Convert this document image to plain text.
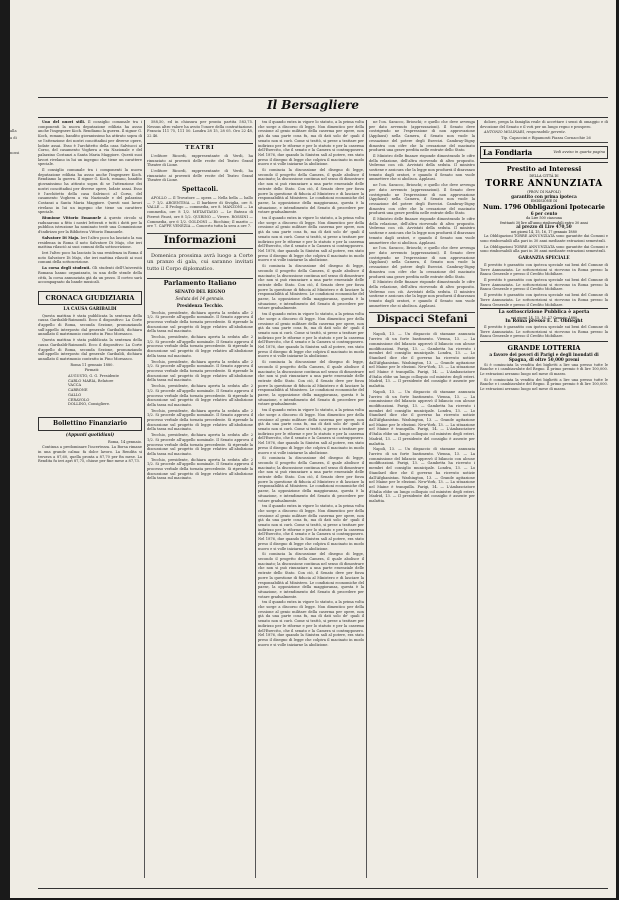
Il Bersagliere

alla
a di

nossi

Uno del nuovi stili. Il consiglio comunale tra i componenti la nuova deputazione edilizia ha assso anche l'ingegnere Koch. Rendiamo la guerra. Il signor G. Koch, romano, bandito giovanissimo ha attirato sopra di se l'attenzione dei nostri concittadini per diverse opere, lodate assai. Esso è l'architetto della casa Salviucci al Corso, del casamento Voghera a via Nazionale e del palazzino Costanzi a Santa Maria Maggiore. Questi suoi lavori rivelano in lui un ingegno che tiene un carattere speciale.

Il consiglio comunale tra i componenti la nuova deputazione edilizia ha assso anche l'ingegnere Koch. Rendiamo la guerra. Il signor G. Koch, romano, bandito giovanissimo ha attirato sopra di se l'attenzione dei nostri concittadini per diverse opere, lodate assai. Esso è l'architetto della casa Salviucci al Corso, del casamento Voghera a via Nazionale e del palazzino Costanzi a Santa Maria Maggiore. Questi suoi lavori rivelano in lui un ingegno che tiene un carattere speciale.

Riunione Vittorio Emanuele A questo circolo si radunarono a fitto i nostri letterati e tutti i dotti per la pubblica istruzione ha nominato testè una Commissione d'indirizzo per la Biblioteca Vittorio Emanuele.

Salvatore Di Majo. Ieri l'altro poco ha lasciato la sua residenza in Roma il noto Salvatore Di Majo, che ieri mattina rilasciò ai suoi comuni della sottoscrizione.

Ieri l'altro poco ha lasciato la sua residenza in Roma il noto Salvatore Di Majo, che ieri mattina rilasciò ai suoi comuni della sottoscrizione.

La corsa degli studenti. Gli studenti dell'Università Romana hanno organizzato, in una delle strade della città, la corsa annunziata già da un pezzo. Il corteo sarà accompagnato da bande musicali.

CRONACA GIUDIZIARIA
LA CAUSA GARIBALDI

Questa mattina è stata pubblicata la sentenza della causa Garibaldi-Raimondi. Ecco il dispositivo: La Corte d'appello di Roma, seconda Sezione, pronunziando sull'appello interposto dal generale Garibaldi, dichiara annullato il matrimonio contratto in Fino Mornasco.

Questa mattina è stata pubblicata la sentenza della causa Garibaldi-Raimondi. Ecco il dispositivo: La Corte d'appello di Roma, seconda Sezione, pronunziando sull'appello interposto dal generale Garibaldi, dichiara annullato il matrimonio contratto in Fino Mornasco.

Roma 11 gennaio 1880.

Firmati:

AUGUSTO, G. G. Presidente
CARLO MARIA, Relatore
VACCA
CARBONE
GALLO
CERAVOLO
DOLLINO, Consigliere.
Bollettino Finanziario
(Appunti quotidiani)

Roma, 14 gennaio.

Continua a predominare l'incertezza. La Borsa rimane in una grande calma: fa dolce lavoro. La Rendita si trovava a 87,60, quella pronta a 87,70 per fin mese. La Rendita fu ieri aprì 87,75, chiuse per fine mese a 87,73.

588,50, ed in chiusura per pronta partita 583,75. Nessun altro valore ha avuto l'onore della contrattazione. Francia 111 75, 111 50. Londra 28 15, 28 05. Oro 22 48, 22 46.

TEATRI

L'editore Ricordi, rappresentante di Verdi, ha rinunziato ai proventi delle recite del Teatro Grand Theatre di Lione.

L'editore Ricordi, rappresentante di Verdi, ha rinunziato ai proventi delle recite del Teatro Grand Theatre di Lione.

Spettacoli.

APOLLO — Il Trovatore — opera — Nella bella — ballo — 7 1/2. ARGENTINA — Il barbiere di Siviglia, ore 8. VALLE — Il Prologo — commedia, ore 8. MANZONI — La commedia, ore 8 1/2. METASTASIO — Le Bateau di Pierrot Faust, ore 8 1/2. QUIRINO — Vivere. ROSSINI — Commedia, ore 6 1/2. GOLDONI — Ricchino; Il marito — ore 7. CAFFÈ VENEZIA — Concerto tutta la sera a ore 7.

Informazioni

Domenica prossima avrà luogo a Corte un pranzo di gala, cui saranno invitati tutto il Corpo diplomatico.

Parlamento Italiano
SENATO DEL REGNO
Seduta del 14 gennaio.
Presidenza Tecchio.

Tecchio, presidente, dichiara aperta la seduta alle 2 1/2. Si procede all'appello nominale. Il Senato approva il processo verbale della tornata precedente. Si riprende la discussione sul progetto di legge relativo all'abolizione della tassa sul macinato.

Tecchio, presidente, dichiara aperta la seduta alle 2 1/2. Si procede all'appello nominale. Il Senato approva il processo verbale della tornata precedente. Si riprende la discussione sul progetto di legge relativo all'abolizione della tassa sul macinato.

Tecchio, presidente, dichiara aperta la seduta alle 2 1/2. Si procede all'appello nominale. Il Senato approva il processo verbale della tornata precedente. Si riprende la discussione sul progetto di legge relativo all'abolizione della tassa sul macinato.

Tecchio, presidente, dichiara aperta la seduta alle 2 1/2. Si procede all'appello nominale. Il Senato approva il processo verbale della tornata precedente. Si riprende la discussione sul progetto di legge relativo all'abolizione della tassa sul macinato.

Tecchio, presidente, dichiara aperta la seduta alle 2 1/2. Si procede all'appello nominale. Il Senato approva il processo verbale della tornata precedente. Si riprende la discussione sul progetto di legge relativo all'abolizione della tassa sul macinato.

Tecchio, presidente, dichiara aperta la seduta alle 2 1/2. Si procede all'appello nominale. Il Senato approva il processo verbale della tornata precedente. Si riprende la discussione sul progetto di legge relativo all'abolizione della tassa sul macinato.

Tecchio, presidente, dichiara aperta la seduta alle 2 1/2. Si procede all'appello nominale. Il Senato approva il processo verbale della tornata precedente. Si riprende la discussione sul progetto di legge relativo all'abolizione della tassa sul macinato.

tra il quando entra in vigore lo statuto, a la prima volta che sorge a discorso di legge. Non dimentico per della cessione al genio militare della caserma per opere, non già da una parte cosa fu, ma di dati solo de' quali il senato non si curò. Come si trattò, si prese a trattare per indirizzo per le riforme e per lo statuto e per la caserma dell'Esercito, che il senato e la Camera si contrapposero. Nel 1876, due quando la Sinistra salì al potere, era stato preso il disegno di legge che colpiva il macinato in modo nuovo e si volle iniziarne la abolizione.

Si comincia la discussione del disegno di legge, secondo il progetto della Camera, il quale abolisce il macinato; la discussione continua nel senso di dimostrare che non si può rinunziare a una parte essenziale delle entrate dello Stato. Con ciò, il Senato deve per forza porre la questione di fiducia al Ministero e di lasciare la responsabilità al Ministero. Le condizioni economiche del paese, la opposizione della maggioranza, questa è la situazione, e intendimento del Senato di procedere per votare gradualmente.

tra il quando entra in vigore lo statuto, a la prima volta che sorge a discorso di legge. Non dimentico per della cessione al genio militare della caserma per opere, non già da una parte cosa fu, ma di dati solo de' quali il senato non si curò. Come si trattò, si prese a trattare per indirizzo per le riforme e per lo statuto e per la caserma dell'Esercito, che il senato e la Camera si contrapposero. Nel 1876, due quando la Sinistra salì al potere, era stato preso il disegno di legge che colpiva il macinato in modo nuovo e si volle iniziarne la abolizione.

Si comincia la discussione del disegno di legge, secondo il progetto della Camera, il quale abolisce il macinato; la discussione continua nel senso di dimostrare che non si può rinunziare a una parte essenziale delle entrate dello Stato. Con ciò, il Senato deve per forza porre la questione di fiducia al Ministero e di lasciare la responsabilità al Ministero. Le condizioni economiche del paese, la opposizione della maggioranza, questa è la situazione, e intendimento del Senato di procedere per votare gradualmente.

tra il quando entra in vigore lo statuto, a la prima volta che sorge a discorso di legge. Non dimentico per della cessione al genio militare della caserma per opere, non già da una parte cosa fu, ma di dati solo de' quali il senato non si curò. Come si trattò, si prese a trattare per indirizzo per le riforme e per lo statuto e per la caserma dell'Esercito, che il senato e la Camera si contrapposero. Nel 1876, due quando la Sinistra salì al potere, era stato preso il disegno di legge che colpiva il macinato in modo nuovo e si volle iniziarne la abolizione.

Si comincia la discussione del disegno di legge, secondo il progetto della Camera, il quale abolisce il macinato; la discussione continua nel senso di dimostrare che non si può rinunziare a una parte essenziale delle entrate dello Stato. Con ciò, il Senato deve per forza porre la questione di fiducia al Ministero e di lasciare la responsabilità al Ministero. Le condizioni economiche del paese, la opposizione della maggioranza, questa è la situazione, e intendimento del Senato di procedere per votare gradualmente.

tra il quando entra in vigore lo statuto, a la prima volta che sorge a discorso di legge. Non dimentico per della cessione al genio militare della caserma per opere, non già da una parte cosa fu, ma di dati solo de' quali il senato non si curò. Come si trattò, si prese a trattare per indirizzo per le riforme e per lo statuto e per la caserma dell'Esercito, che il senato e la Camera si contrapposero. Nel 1876, due quando la Sinistra salì al potere, era stato preso il disegno di legge che colpiva il macinato in modo nuovo e si volle iniziarne la abolizione.

Si comincia la discussione del disegno di legge, secondo il progetto della Camera, il quale abolisce il macinato; la discussione continua nel senso di dimostrare che non si può rinunziare a una parte essenziale delle entrate dello Stato. Con ciò, il Senato deve per forza porre la questione di fiducia al Ministero e di lasciare la responsabilità al Ministero. Le condizioni economiche del paese, la opposizione della maggioranza, questa è la situazione, e intendimento del Senato di procedere per votare gradualmente.

tra il quando entra in vigore lo statuto, a la prima volta che sorge a discorso di legge. Non dimentico per della cessione al genio militare della caserma per opere, non già da una parte cosa fu, ma di dati solo de' quali il senato non si curò. Come si trattò, si prese a trattare per indirizzo per le riforme e per lo statuto e per la caserma dell'Esercito, che il senato e la Camera si contrapposero. Nel 1876, due quando la Sinistra salì al potere, era stato preso il disegno di legge che colpiva il macinato in modo nuovo e si volle iniziarne la abolizione.

Si comincia la discussione del disegno di legge, secondo il progetto della Camera, il quale abolisce il macinato; la discussione continua nel senso di dimostrare che non si può rinunziare a una parte essenziale delle entrate dello Stato. Con ciò, il Senato deve per forza porre la questione di fiducia al Ministero e di lasciare la responsabilità al Ministero. Le condizioni economiche del paese, la opposizione della maggioranza, questa è la situazione, e intendimento del Senato di procedere per votare gradualmente.

tra il quando entra in vigore lo statuto, a la prima volta che sorge a discorso di legge. Non dimentico per della cessione al genio militare della caserma per opere, non già da una parte cosa fu, ma di dati solo de' quali il senato non si curò. Come si trattò, si prese a trattare per indirizzo per le riforme e per lo statuto e per la caserma dell'Esercito, che il senato e la Camera si contrapposero. Nel 1876, due quando la Sinistra salì al potere, era stato preso il disegno di legge che colpiva il macinato in modo nuovo e si volle iniziarne la abolizione.

ne l'on. Saracco, Brioschi; e quello che deve avvenga per dato avvenuto (apprezzazioni). Il Senato deve costrigendo ne l'espressione di non approvazione (Applausi) nella Camera, il Senato non vuole la cessazione del potere degli Esercizi. Cambray-Digny dimostra con cifre che la cessazione del macinato produrrà una grave perdita nelle entrate dello Stato.

Il Ministro delle finanze risponde dimostrando le cifre della relazione, dell'altra ricevendo di altro proposito. Vedremo con ciò. Avvistati della seduta. Il ministro sostiene e assicura che la legge non produrrà il disavanzo temuto dagli oratori, e quando il Senato non vuole ammettere che si abolisca. Applausi.

ne l'on. Saracco, Brioschi; e quello che deve avvenga per dato avvenuto (apprezzazioni). Il Senato deve costrigendo ne l'espressione di non approvazione (Applausi) nella Camera, il Senato non vuole la cessazione del potere degli Esercizi. Cambray-Digny dimostra con cifre che la cessazione del macinato produrrà una grave perdita nelle entrate dello Stato.

Il Ministro delle finanze risponde dimostrando le cifre della relazione, dell'altra ricevendo di altro proposito. Vedremo con ciò. Avvistati della seduta. Il ministro sostiene e assicura che la legge non produrrà il disavanzo temuto dagli oratori, e quando il Senato non vuole ammettere che si abolisca. Applausi.

ne l'on. Saracco, Brioschi; e quello che deve avvenga per dato avvenuto (apprezzazioni). Il Senato deve costrigendo ne l'espressione di non approvazione (Applausi) nella Camera, il Senato non vuole la cessazione del potere degli Esercizi. Cambray-Digny dimostra con cifre che la cessazione del macinato produrrà una grave perdita nelle entrate dello Stato.

Il Ministro delle finanze risponde dimostrando le cifre della relazione, dell'altra ricevendo di altro proposito. Vedremo con ciò. Avvistati della seduta. Il ministro sostiene e assicura che la legge non produrrà il disavanzo temuto dagli oratori, e quando il Senato non vuole ammettere che si abolisca. Applausi.

Dispacci Stefani

Napoli, 13. — Un dispaccio di stamane annunzia l'arrivo di un forte bastimento. Vienna, 13. — La commissione del bilancio approvò il bilancio con alcune modificazioni. Parigi, 13. — Gambetta ha ricevuto i membri del consiglio municipale. Londra, 13. — Lo Standard dice che il governo ha ricevuto notizie dall'Afghanistan. Washington, 13. — Grande agitazione nel Maine per le elezioni. New-York, 13. — La situazione nel Maine è tranquilla. Parigi, 14. — L'Ambasciatore d'Italia ebbe un lungo colloquio col ministro degli esteri. Madrid, 13. — Il presidente del consiglio è assente per malattia.

Napoli, 13. — Un dispaccio di stamane annunzia l'arrivo di un forte bastimento. Vienna, 13. — La commissione del bilancio approvò il bilancio con alcune modificazioni. Parigi, 13. — Gambetta ha ricevuto i membri del consiglio municipale. Londra, 13. — Lo Standard dice che il governo ha ricevuto notizie dall'Afghanistan. Washington, 13. — Grande agitazione nel Maine per le elezioni. New-York, 13. — La situazione nel Maine è tranquilla. Parigi, 14. — L'Ambasciatore d'Italia ebbe un lungo colloquio col ministro degli esteri. Madrid, 13. — Il presidente del consiglio è assente per malattia.

Napoli, 13. — Un dispaccio di stamane annunzia l'arrivo di un forte bastimento. Vienna, 13. — La commissione del bilancio approvò il bilancio con alcune modificazioni. Parigi, 13. — Gambetta ha ricevuto i membri del consiglio municipale. Londra, 13. — Lo Standard dice che il governo ha ricevuto notizie dall'Afghanistan. Washington, 13. — Grande agitazione nel Maine per le elezioni. New-York, 13. — La situazione nel Maine è tranquilla. Parigi, 14. — L'Ambasciatore d'Italia ebbe un lungo colloquio col ministro degli esteri. Madrid, 13. — Il presidente del consiglio è assente per malattia.

dolore, prega la famiglia reale di accettare i sensi di omaggio e di devozione del Senato e il voti per un lungo regno e prospero.

ANTONIO MOLINARI, responsabile gerente.

Tip. Capaccini e Ripamonti Piazza Cornacchie 26

La Fondiaria	Vedi avviso in quarta pagina
Prestito ad Interessi
DELLA CITTÀ DI
TORRE ANNUNZIATA
(PROV. DI NAPOLI)
garantito con prima ipoteca
EMISSIONE DI
Num. 1796 Obbligazioni Ipotecarie
6 per cento
da Lire 500 ciascuna
fruttanti 30 lire all'anno rimborsabili entro 30 anni
al prezzo di Lire 470,50
nei giorni 14, 15, 16, 17 gennaio 1880

La Obbligazioni TORRE ANNUNZIATA sono garantite dai Comuni e sono rimborsabili alla pari in 30 anni mediante estrazioni semestrali.

La Obbligazioni TORRE ANNUNZIATA sono garantite dai Comuni e sono rimborsabili alla pari in 30 anni mediante estrazioni semestrali.

GARANZIA SPECIALE

Il prestito è garantito con ipoteca speciale sui beni del Comune di Torre Annunziata. Le sottoscrizioni si ricevono in Roma presso la Banca Generale e presso il Credito Mobiliare.

Il prestito è garantito con ipoteca speciale sui beni del Comune di Torre Annunziata. Le sottoscrizioni si ricevono in Roma presso la Banca Generale e presso il Credito Mobiliare.

Il prestito è garantito con ipoteca speciale sui beni del Comune di Torre Annunziata. Le sottoscrizioni si ricevono in Roma presso la Banca Generale e presso il Credito Mobiliare.

La sottoscrizione Pubblica è aperta
nei giorni 14, 15, 16, 17 Gennaio 1880
In Roma presso E. E. Oblieght

Il prestito è garantito con ipoteca speciale sui beni del Comune di Torre Annunziata. Le sottoscrizioni si ricevono in Roma presso la Banca Generale e presso il Credito Mobiliare.

GRANDE LOTTERIA
a favore dei poveri di Parigi e degli inondati di Spagna, di oltre 50,000 premi

Si è cominciata la vendita dei biglietti a lire una presso tutte le Banche e i cambiavalute del Regno. Il primo premio è di lire 100,000. Le estrazioni avranno luogo nel mese di marzo.

Si è cominciata la vendita dei biglietti a lire una presso tutte le Banche e i cambiavalute del Regno. Il primo premio è di lire 100,000. Le estrazioni avranno luogo nel mese di marzo.
